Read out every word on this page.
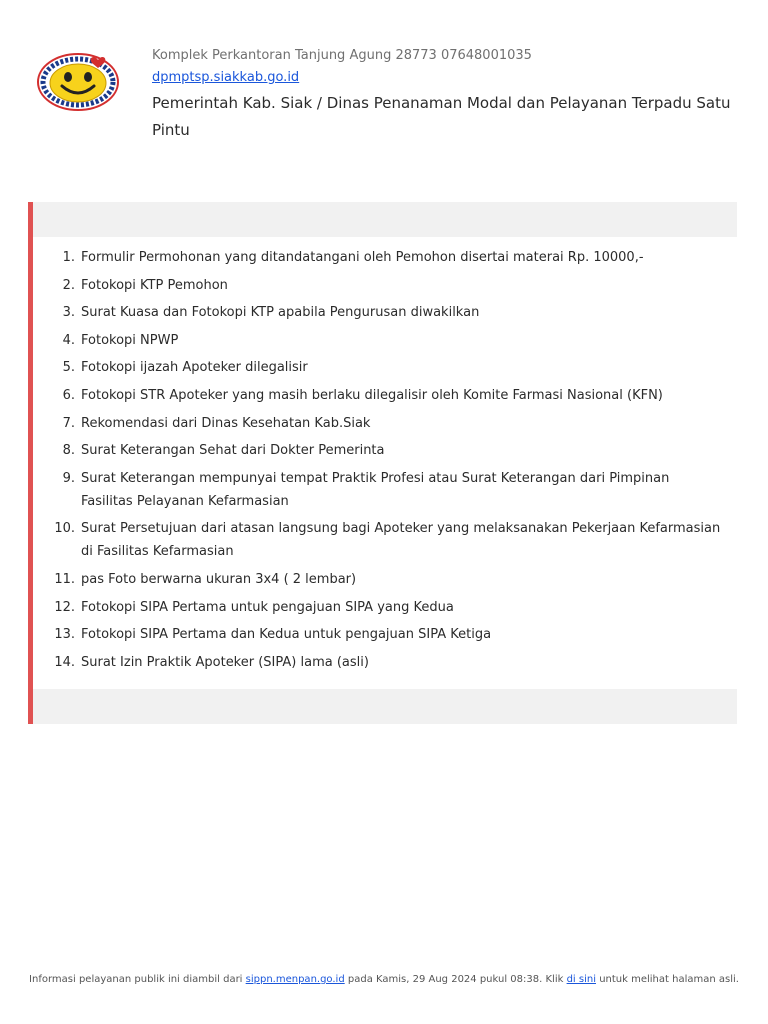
Komplek Perkantoran Tanjung Agung 28773 07648001035
dpmptsp.siakkab.go.id
Pemerintah Kab. Siak / Dinas Penanaman Modal dan Pelayanan Terpadu Satu Pintu
1. Formulir Permohonan yang ditandatangani oleh Pemohon disertai materai Rp. 10000,-
2. Fotokopi KTP Pemohon
3. Surat Kuasa dan Fotokopi KTP apabila Pengurusan diwakilkan
4. Fotokopi NPWP
5. Fotokopi ijazah Apoteker dilegalisir
6. Fotokopi STR Apoteker yang masih berlaku dilegalisir oleh Komite Farmasi Nasional (KFN)
7. Rekomendasi dari Dinas Kesehatan Kab.Siak
8. Surat Keterangan Sehat dari Dokter Pemerinta
9. Surat Keterangan mempunyai tempat Praktik Profesi atau Surat Keterangan dari Pimpinan Fasilitas Pelayanan Kefarmasian
10. Surat Persetujuan dari atasan langsung bagi Apoteker yang melaksanakan Pekerjaan Kefarmasian di Fasilitas Kefarmasian
11. pas Foto berwarna ukuran 3x4 ( 2 lembar)
12. Fotokopi SIPA Pertama untuk pengajuan SIPA yang Kedua
13. Fotokopi SIPA Pertama dan Kedua untuk pengajuan SIPA Ketiga
14. Surat Izin Praktik Apoteker (SIPA) lama (asli)
Informasi pelayanan publik ini diambil dari sippn.menpan.go.id pada Kamis, 29 Aug 2024 pukul 08:38. Klik di sini untuk melihat halaman asli.
